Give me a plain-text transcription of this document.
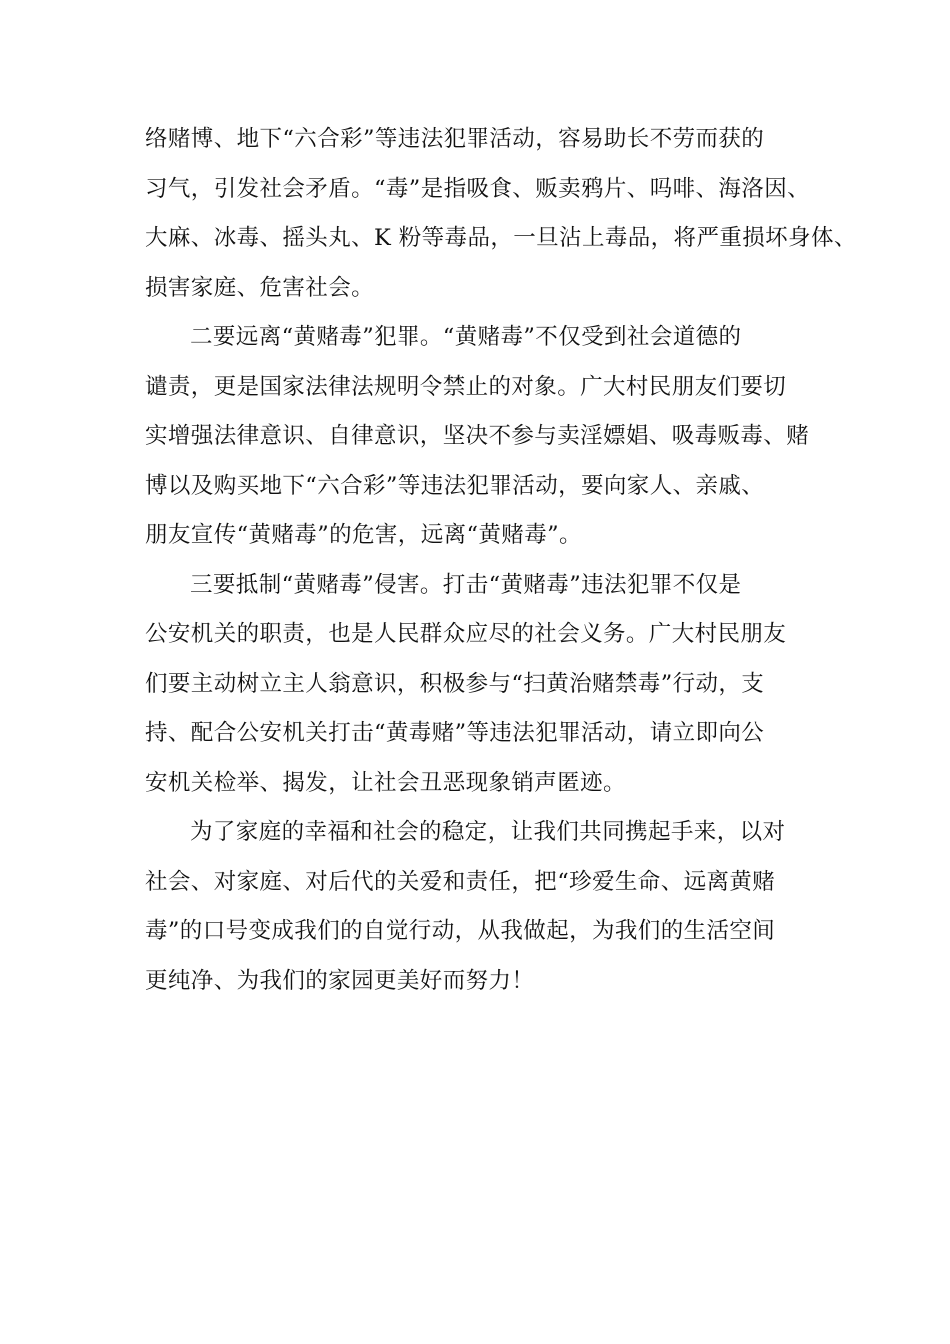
络赌博、地下“六合彩”等违法犯罪活动，容易助长不劳而获的
习气，引发社会矛盾。“毒”是指吸食、贩卖鸦片、吗啡、海洛因、
大麻、冰毒、摇头丸、K 粉等毒品，一旦沾上毒品，将严重损坏身体、
损害家庭、危害社会。
二要远离“黄赌毒”犯罪。“黄赌毒”不仅受到社会道德的
谴责，更是国家法律法规明令禁止的对象。广大村民朋友们要切
实增强法律意识、自律意识，坚决不参与卖淫嫖娼、吸毒贩毒、赌
博以及购买地下“六合彩”等违法犯罪活动，要向家人、亲戚、
朋友宣传“黄赌毒”的危害，远离“黄赌毒”。
三要抵制“黄赌毒”侵害。打击“黄赌毒”违法犯罪不仅是
公安机关的职责，也是人民群众应尽的社会义务。广大村民朋友
们要主动树立主人翁意识，积极参与“扫黄治赌禁毒”行动，支
持、配合公安机关打击“黄毒赌”等违法犯罪活动，请立即向公
安机关检举、揭发，让社会丑恶现象销声匿迹。
为了家庭的幸福和社会的稳定，让我们共同携起手来，以对
社会、对家庭、对后代的关爱和责任，把“珍爱生命、远离黄赌
毒”的口号变成我们的自觉行动，从我做起，为我们的生活空间
更纯净、为我们的家园更美好而努力！
